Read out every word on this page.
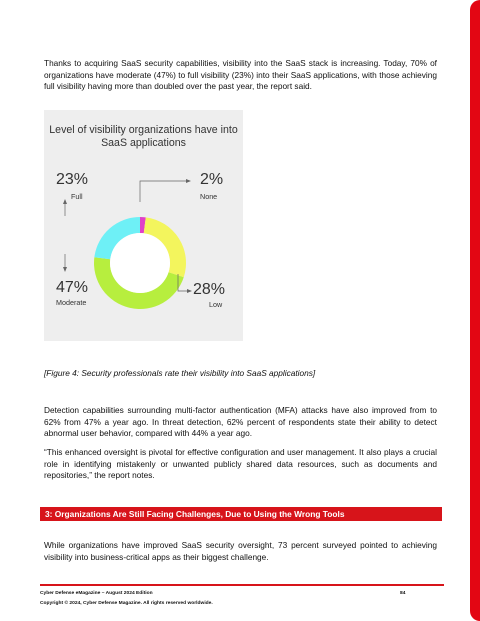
Thanks to acquiring SaaS security capabilities, visibility into the SaaS stack is increasing. Today, 70% of organizations have moderate (47%) to full visibility (23%) into their SaaS applications, with those achieving full visibility having more than doubled over the past year, the report said.

Level of visibility organizations have into SaaS applications
23%
Full
2%
None
47%
Moderate
28%
Low

[Figure 4: Security professionals rate their visibility into SaaS applications]

Detection capabilities surrounding multi-factor authentication (MFA) attacks have also improved from to 62% from 47% a year ago. In threat detection, 62% percent of respondents state their ability to detect abnormal user behavior, compared with 44% a year ago.

“This enhanced oversight is pivotal for effective configuration and user management. It also plays a crucial role in identifying mistakenly or unwanted publicly shared data resources, such as documents and repositories,” the report notes.

3: Organizations Are Still Facing Challenges, Due to Using the Wrong Tools

While organizations have improved SaaS security oversight, 73 percent surveyed pointed to achieving visibility into business-critical apps as their biggest challenge.

Cyber Defense eMagazine – August 2024 Edition	84
Copyright © 2024, Cyber Defense Magazine. All rights reserved worldwide.
